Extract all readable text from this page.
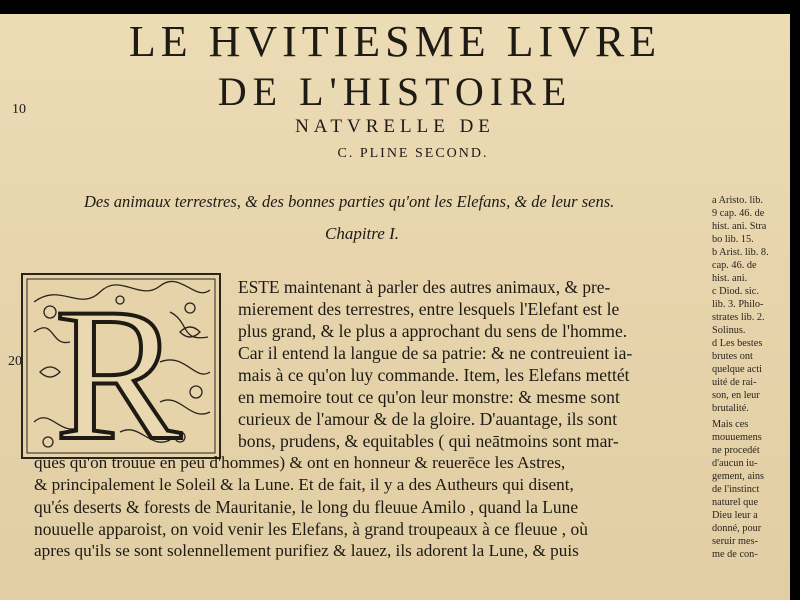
LE HVITIESME LIVRE
DE L'HISTOIRE
NATVRELLE DE
C. PLINE SECOND.
10
20
Des animaux terrestres, & des bonnes parties qu'ont les Elefans, & de leur sens.
Chapitre I.
R	ESTE maintenant à parler des autres animaux, & pre-
mierement des terrestres, entre lesquels l'Elefant est le
plus grand, & le plus a approchant du sens de l'homme.
Car il entend la langue de sa patrie: & ne contreuient ia-
mais à ce qu'on luy commande. Item, les Elefans mettét
en memoire tout ce qu'on leur monstre: & mesme sont
curieux de l'amour & de la gloire. D'auantage, ils sont
bons, prudens, & equitables ( qui neātmoins sont mar-
ques qu'on trouue en peu d'hommes) & ont en honneur & reuerēce les Astres,
& principalement le Soleil & la Lune. Et de fait, il y a des Autheurs qui disent,
qu'és deserts & forests de Mauritanie, le long du fleuue Amilo , quand la Lune
nouuelle apparoist, on void venir les Elefans, à grand troupeaux à ce fleuue , où
apres qu'ils se sont solennellement purifiez & lauez, ils adorent la Lune, & puis
a Aristo. lib.
9 cap. 46. de
hist. ani. Stra
bo lib. 15.
b Arist. lib. 8.
cap. 46. de
hist. ani.
c Diod. sic.
lib. 3. Philo-
strates lib. 2.
Solinus.
d Les bestes
brutes ont
quelque acti
uité de rai-
son, en leur
brutalité.
Mais ces
mouuemens
ne procedét
d'aucun iu-
gement, ains
de l'instinct
naturel que
Dieu leur a
donné, pour
seruir mes-
me de con-
